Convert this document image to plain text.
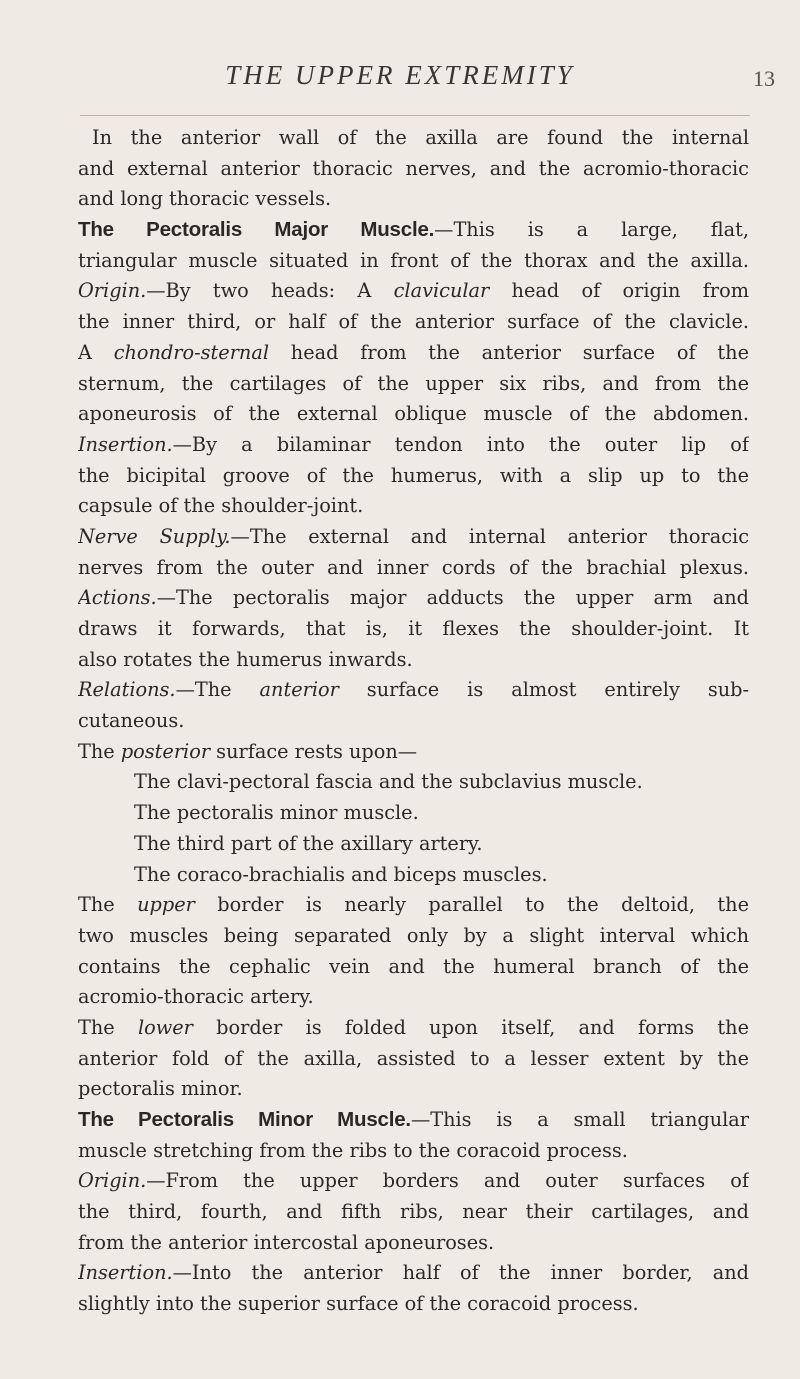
THE UPPER EXTREMITY	13
In the anterior wall of the axilla are found the internal
and external anterior thoracic nerves, and the acromio-thoracic
and long thoracic vessels.
The Pectoralis Major Muscle.—This is a large, flat,
triangular muscle situated in front of the thorax and the axilla.
Origin.—By two heads: A clavicular head of origin from
the inner third, or half of the anterior surface of the clavicle.
A chondro-sternal head from the anterior surface of the
sternum, the cartilages of the upper six ribs, and from the
aponeurosis of the external oblique muscle of the abdomen.
Insertion.—By a bilaminar tendon into the outer lip of
the bicipital groove of the humerus, with a slip up to the
capsule of the shoulder-joint.
Nerve Supply.—The external and internal anterior thoracic
nerves from the outer and inner cords of the brachial plexus.
Actions.—The pectoralis major adducts the upper arm and
draws it forwards, that is, it flexes the shoulder-joint. It
also rotates the humerus inwards.
Relations.—The anterior surface is almost entirely sub-
cutaneous.
The posterior surface rests upon—
The clavi-pectoral fascia and the subclavius muscle.
The pectoralis minor muscle.
The third part of the axillary artery.
The coraco-brachialis and biceps muscles.
The upper border is nearly parallel to the deltoid, the
two muscles being separated only by a slight interval which
contains the cephalic vein and the humeral branch of the
acromio-thoracic artery.
The lower border is folded upon itself, and forms the
anterior fold of the axilla, assisted to a lesser extent by the
pectoralis minor.
The Pectoralis Minor Muscle.—This is a small triangular
muscle stretching from the ribs to the coracoid process.
Origin.—From the upper borders and outer surfaces of
the third, fourth, and fifth ribs, near their cartilages, and
from the anterior intercostal aponeuroses.
Insertion.—Into the anterior half of the inner border, and
slightly into the superior surface of the coracoid process.
